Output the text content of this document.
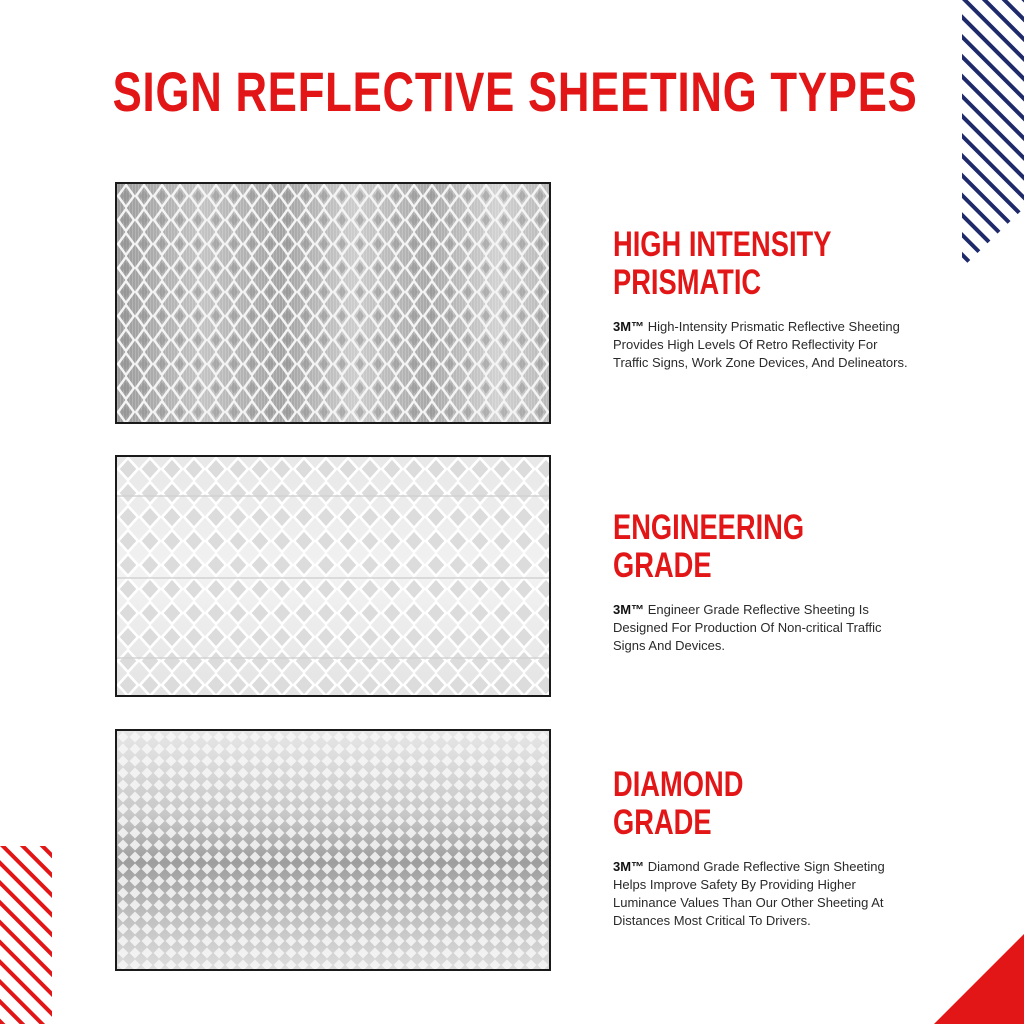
SIGN REFLECTIVE SHEETING TYPES
HIGH INTENSITY
PRISMATIC

3M™ High-Intensity Prismatic Reflective Sheeting Provides High Levels Of Retro Reflectivity For Traffic Signs, Work Zone Devices, And Delineators.

ENGINEERING
GRADE

3M™ Engineer Grade Reflective Sheeting Is Designed For Production Of Non-critical Traffic Signs And Devices.

DIAMOND
GRADE

3M™ Diamond Grade Reflective Sign Sheeting Helps Improve Safety By Providing Higher Luminance Values Than Our Other Sheeting At Distances Most Critical To Drivers.
